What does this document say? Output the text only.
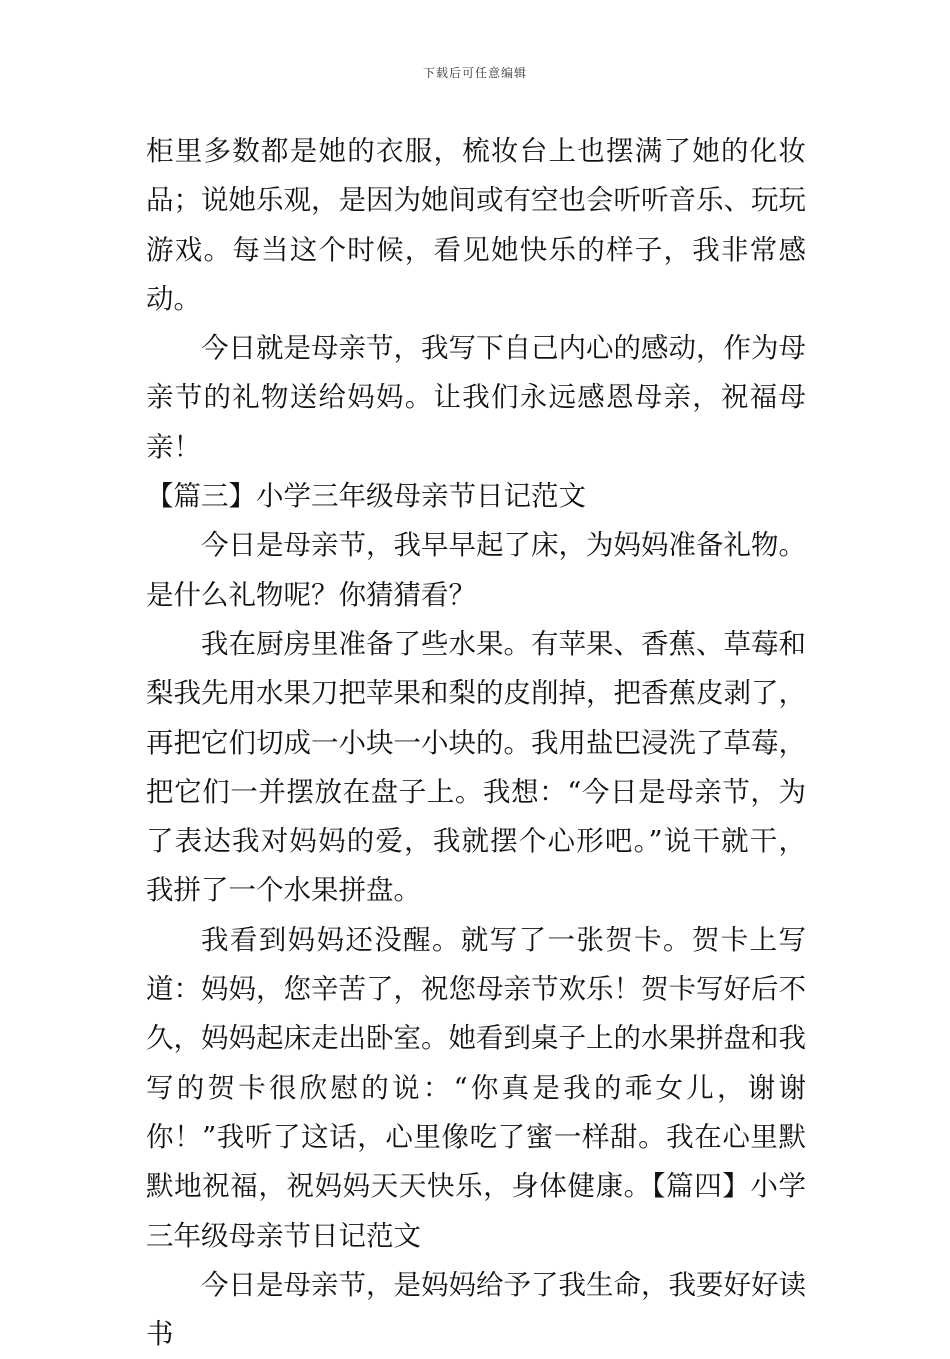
下载后可任意编辑

柜里多数都是她的衣服，梳妆台上也摆满了她的化妆品；说她乐观，是因为她间或有空也会听听音乐、玩玩游戏。每当这个时候，看见她快乐的样子，我非常感动。

今日就是母亲节，我写下自己内心的感动，作为母亲节的礼物送给妈妈。让我们永远感恩母亲，祝福母亲！

【篇三】小学三年级母亲节日记范文

今日是母亲节，我早早起了床，为妈妈准备礼物。是什么礼物呢？你猜猜看？

我在厨房里准备了些水果。有苹果、香蕉、草莓和梨我先用水果刀把苹果和梨的皮削掉，把香蕉皮剥了，再把它们切成一小块一小块的。我用盐巴浸洗了草莓，把它们一并摆放在盘子上。我想：“今日是母亲节，为了表达我对妈妈的爱，我就摆个心形吧。”说干就干，我拼了一个水果拼盘。

我看到妈妈还没醒。就写了一张贺卡。贺卡上写道：妈妈，您辛苦了，祝您母亲节欢乐！贺卡写好后不久，妈妈起床走出卧室。她看到桌子上的水果拼盘和我写的贺卡很欣慰的说：“你真是我的乖女儿，谢谢你！”我听了这话，心里像吃了蜜一样甜。我在心里默默地祝福，祝妈妈天天快乐，身体健康。【篇四】小学三年级母亲节日记范文

今日是母亲节，是妈妈给予了我生命，我要好好读书
